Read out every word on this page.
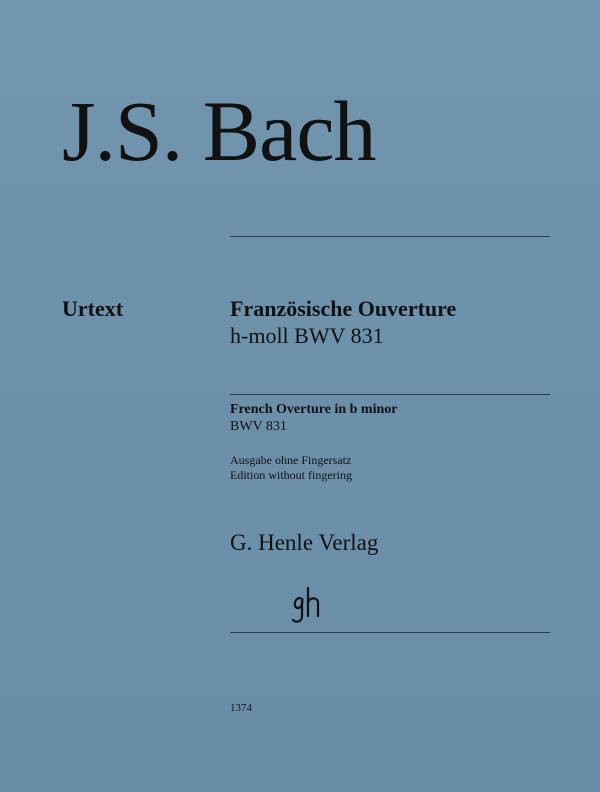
J.S. Bach
Urtext	Französische Ouverture
h-moll BWV 831
French Overture in b minor
BWV 831
Ausgabe ohne Fingersatz
Edition without fingering
G. Henle Verlag
1374
